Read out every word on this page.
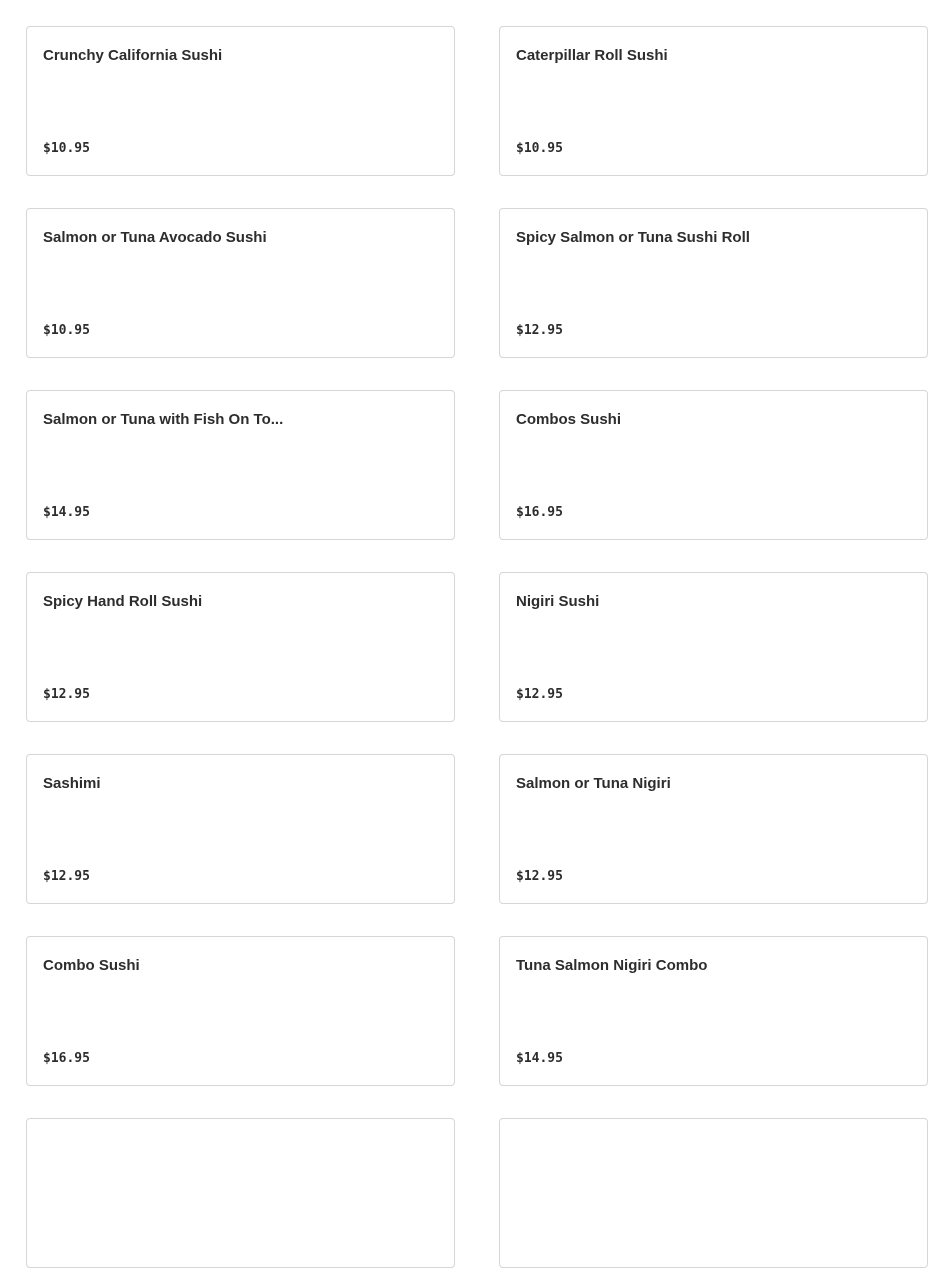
Crunchy California Sushi
$10.95
Caterpillar Roll Sushi
$10.95
Salmon or Tuna Avocado Sushi
$10.95
Spicy Salmon or Tuna Sushi Roll
$12.95
Salmon or Tuna with Fish On To...
$14.95
Combos Sushi
$16.95
Spicy Hand Roll Sushi
$12.95
Nigiri Sushi
$12.95
Sashimi
$12.95
Salmon or Tuna Nigiri
$12.95
Combo Sushi
$16.95
Tuna Salmon Nigiri Combo
$14.95
